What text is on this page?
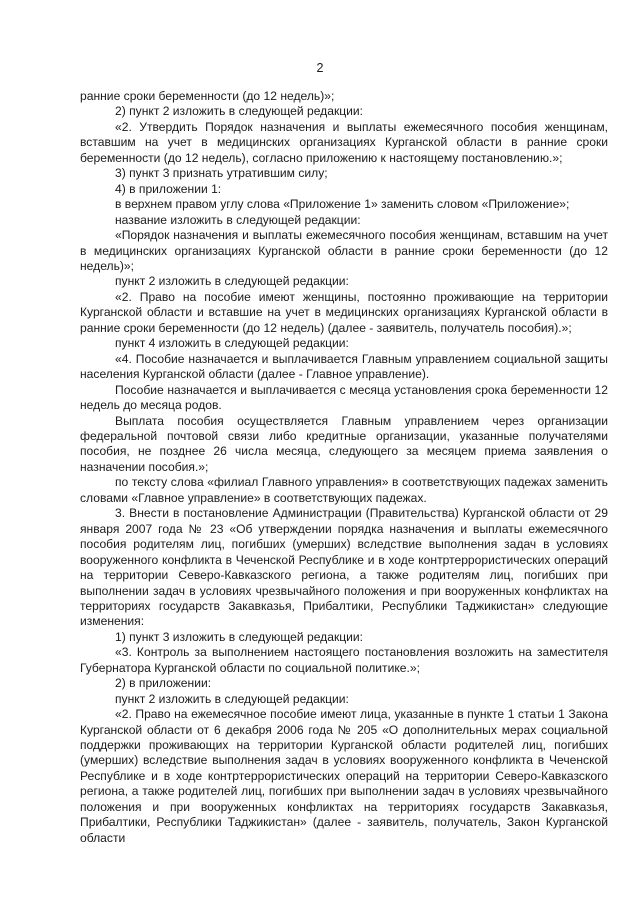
2

ранние сроки беременности (до 12 недель)»;

2) пункт 2 изложить в следующей редакции:

«2. Утвердить Порядок назначения и выплаты ежемесячного пособия женщинам, вставшим на учет в медицинских организациях Курганской области в ранние сроки беременности (до 12 недель), согласно приложению к настоящему постановлению.»;

3) пункт 3 признать утратившим силу;

4) в приложении 1:

в верхнем правом углу слова «Приложение 1» заменить словом «Приложение»;

название изложить в следующей редакции:

«Порядок назначения и выплаты ежемесячного пособия женщинам, вставшим на учет в медицинских организациях Курганской области в ранние сроки беременности (до 12 недель)»;

пункт 2 изложить в следующей редакции:

«2. Право на пособие имеют женщины, постоянно проживающие на территории Курганской области и вставшие на учет в медицинских организациях Курганской области в ранние сроки беременности (до 12 недель) (далее - заявитель, получатель пособия).»;

пункт 4 изложить в следующей редакции:

«4. Пособие назначается и выплачивается Главным управлением социальной защиты населения Курганской области (далее - Главное управление).

Пособие назначается и выплачивается с месяца установления срока беременности 12 недель до месяца родов.

Выплата пособия осуществляется Главным управлением через организации федеральной почтовой связи либо кредитные организации, указанные получателями пособия, не позднее 26 числа месяца, следующего за месяцем приема заявления о назначении пособия.»;

по тексту слова «филиал Главного управления» в соответствующих падежах заменить словами «Главное управление» в соответствующих падежах.

3. Внести в постановление Администрации (Правительства) Курганской области от 29 января 2007 года № 23 «Об утверждении порядка назначения и выплаты ежемесячного пособия родителям лиц, погибших (умерших) вследствие выполнения задач в условиях вооруженного конфликта в Чеченской Республике и в ходе контртеррористических операций на территории Северо-Кавказского региона, а также родителям лиц, погибших при выполнении задач в условиях чрезвычайного положения и при вооруженных конфликтах на территориях государств Закавказья, Прибалтики, Республики Таджикистан» следующие изменения:

1) пункт 3 изложить в следующей редакции:

«3. Контроль за выполнением настоящего постановления возложить на заместителя Губернатора Курганской области по социальной политике.»;

2) в приложении:

пункт 2 изложить в следующей редакции:

«2. Право на ежемесячное пособие имеют лица, указанные в пункте 1 статьи 1 Закона Курганской области от 6 декабря 2006 года № 205 «О дополнительных мерах социальной поддержки проживающих на территории Курганской области родителей лиц, погибших (умерших) вследствие выполнения задач в условиях вооруженного конфликта в Чеченской Республике и в ходе контртеррористических операций на территории Северо-Кавказского региона, а также родителей лиц, погибших при выполнении задач в условиях чрезвычайного положения и при вооруженных конфликтах на территориях государств Закавказья, Прибалтики, Республики Таджикистан» (далее - заявитель, получатель, Закон Курганской области
